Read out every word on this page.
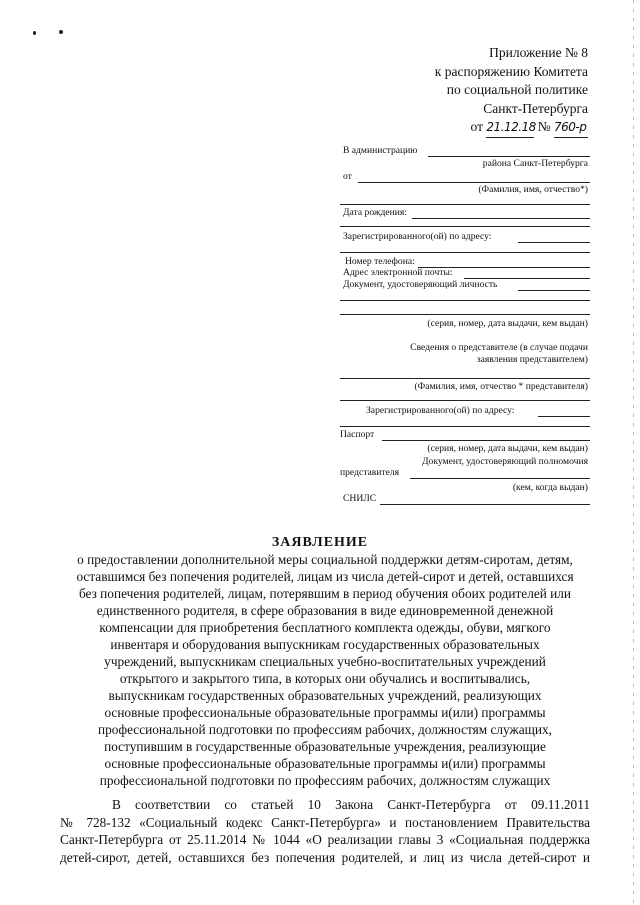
Приложение № 8
к распоряжению Комитета
по социальной политике
Санкт-Петербурга
от 21.12.18 № 760-р
В администрацию
района Санкт-Петербурга
от
(Фамилия, имя, отчество*)
Дата рождения:
Зарегистрированного(ой) по адресу:
Номер телефона:
Адрес электронной почты:
Документ, удостоверяющий личность
(серия, номер, дата выдачи, кем выдан)
Сведения о представителе (в случае подачи
заявления представителем)
(Фамилия, имя, отчество * представителя)
Зарегистрированного(ой) по адресу:
Паспорт
(серия, номер, дата выдачи, кем выдан)
Документ, удостоверяющий полномочия
представителя
(кем, когда выдан)
СНИЛС
ЗАЯВЛЕНИЕ
о предоставлении дополнительной меры социальной поддержки детям-сиротам, детям,
оставшимся без попечения родителей, лицам из числа детей-сирот и детей, оставшихся
без попечения родителей, лицам, потерявшим в период обучения обоих родителей или
единственного родителя, в сфере образования в виде единовременной денежной
компенсации для приобретения бесплатного комплекта одежды, обуви, мягкого
инвентаря и оборудования выпускникам государственных образовательных
учреждений, выпускникам специальных учебно-воспитательных учреждений
открытого и закрытого типа, в которых они обучались и воспитывались,
выпускникам государственных образовательных учреждений, реализующих
основные профессиональные образовательные программы и(или) программы
профессиональной подготовки по профессиям рабочих, должностям служащих,
поступившим в государственные образовательные учреждения, реализующие
основные профессиональные образовательные программы и(или) программы
профессиональной подготовки по профессиям рабочих, должностям служащих
В соответствии со статьей 10 Закона Санкт-Петербурга от 09.11.2011
№ 728-132 «Социальный кодекс Санкт-Петербурга» и постановлением Правительства
Санкт-Петербурга от 25.11.2014 № 1044 «О реализации главы 3 «Социальная поддержка
детей-сирот, детей, оставшихся без попечения родителей, и лиц из числа детей-сирот и
